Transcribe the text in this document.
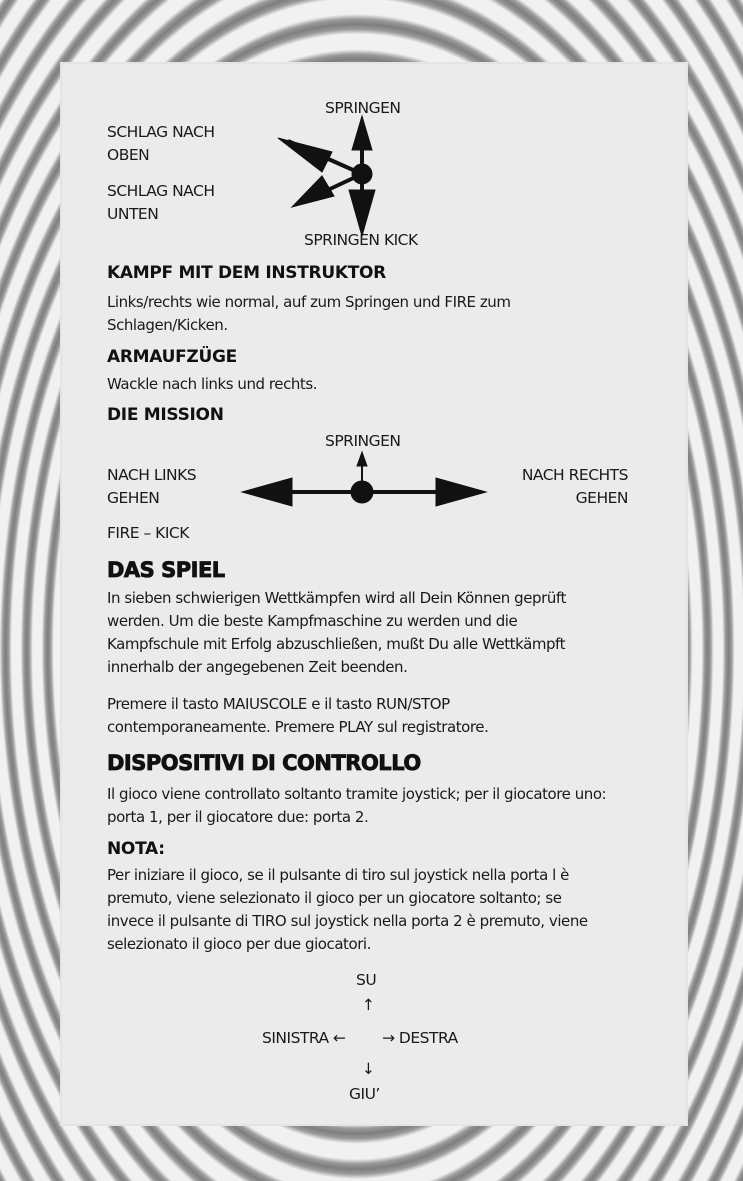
SPRINGEN
SCHLAG NACH
OBEN
SCHLAG NACH
UNTEN
SPRINGEN KICK
KAMPF MIT DEM INSTRUKTOR
Links/rechts wie normal, auf zum Springen und FIRE zum
Schlagen/Kicken.
ARMAUFZÜGE
Wackle nach links und rechts.
DIE MISSION
SPRINGEN
NACH LINKS
GEHEN
NACH RECHTS
GEHEN
FIRE – KICK
DAS SPIEL
In sieben schwierigen Wettkämpfen wird all Dein Können geprüft
werden. Um die beste Kampfmaschine zu werden und die
Kampfschule mit Erfolg abzuschließen, mußt Du alle Wettkämpft
innerhalb der angegebenen Zeit beenden.
Premere il tasto MAIUSCOLE e il tasto RUN/STOP
contemporaneamente. Premere PLAY sul registratore.
DISPOSITIVI DI CONTROLLO
Il gioco viene controllato soltanto tramite joystick; per il giocatore uno:
porta 1, per il giocatore due: porta 2.
NOTA:
Per iniziare il gioco, se il pulsante di tiro sul joystick nella porta l è
premuto, viene selezionato il gioco per un giocatore soltanto; se
invece il pulsante di TIRO sul joystick nella porta 2 è premuto, viene
selezionato il gioco per due giocatori.
SU
↑
SINISTRA ← → DESTRA
↓
GIU’
